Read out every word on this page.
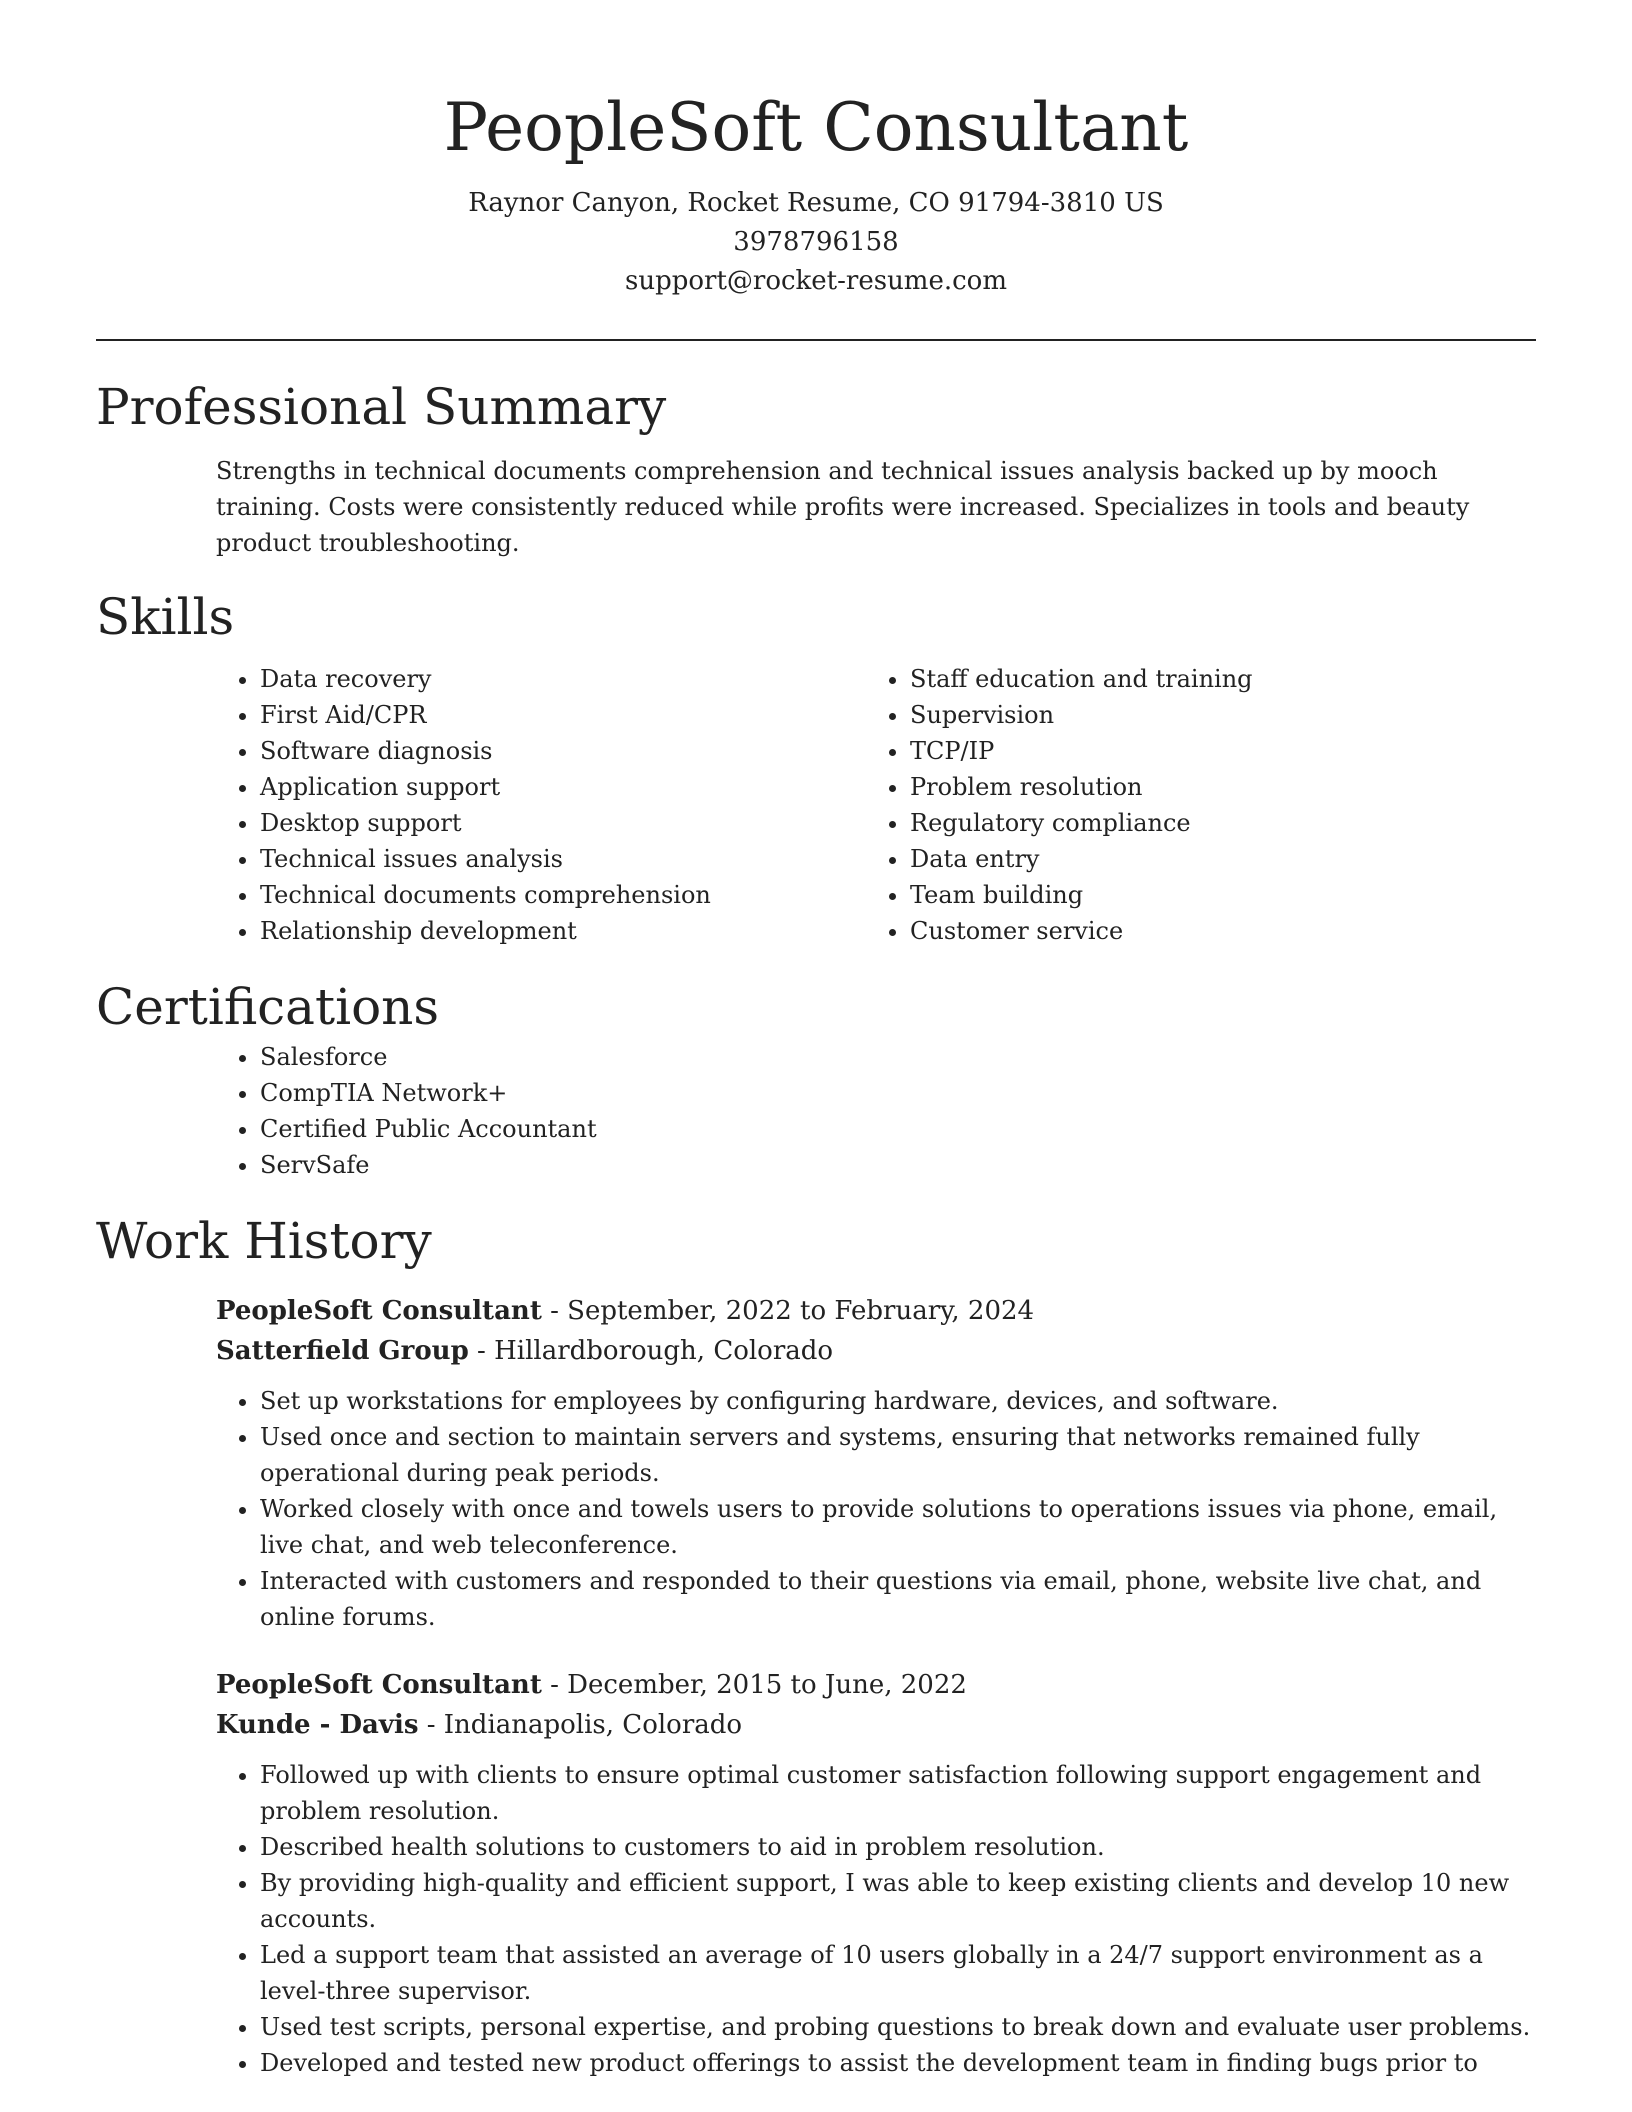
PeopleSoft Consultant

Raynor Canyon, Rocket Resume, CO 91794-3810 US

3978796158

support@rocket-resume.com

Professional Summary

Strengths in technical documents comprehension and technical issues analysis backed up by mooch training. Costs were consistently reduced while profits were increased. Specializes in tools and beauty product troubleshooting.

Skills
• Data recovery
• First Aid/CPR
• Software diagnosis
• Application support
• Desktop support
• Technical issues analysis
• Technical documents comprehension
• Relationship development
• Staff education and training
• Supervision
• TCP/IP
• Problem resolution
• Regulatory compliance
• Data entry
• Team building
• Customer service
Certifications
• Salesforce
• CompTIA Network+
• Certified Public Accountant
• ServSafe
Work History

PeopleSoft Consultant - September, 2022 to February, 2024

Satterfield Group - Hillardborough, Colorado

• Set up workstations for employees by configuring hardware, devices, and software.
• Used once and section to maintain servers and systems, ensuring that networks remained fully operational during peak periods.
• Worked closely with once and towels users to provide solutions to operations issues via phone, email, live chat, and web teleconference.
• Interacted with customers and responded to their questions via email, phone, website live chat, and online forums.

PeopleSoft Consultant - December, 2015 to June, 2022

Kunde - Davis - Indianapolis, Colorado

• Followed up with clients to ensure optimal customer satisfaction following support engagement and problem resolution.
• Described health solutions to customers to aid in problem resolution.
• By providing high-quality and efficient support, I was able to keep existing clients and develop 10 new accounts.
• Led a support team that assisted an average of 10 users globally in a 24/7 support environment as a level-three supervisor.
• Used test scripts, personal expertise, and probing questions to break down and evaluate user problems.
• Developed and tested new product offerings to assist the development team in finding bugs prior to
